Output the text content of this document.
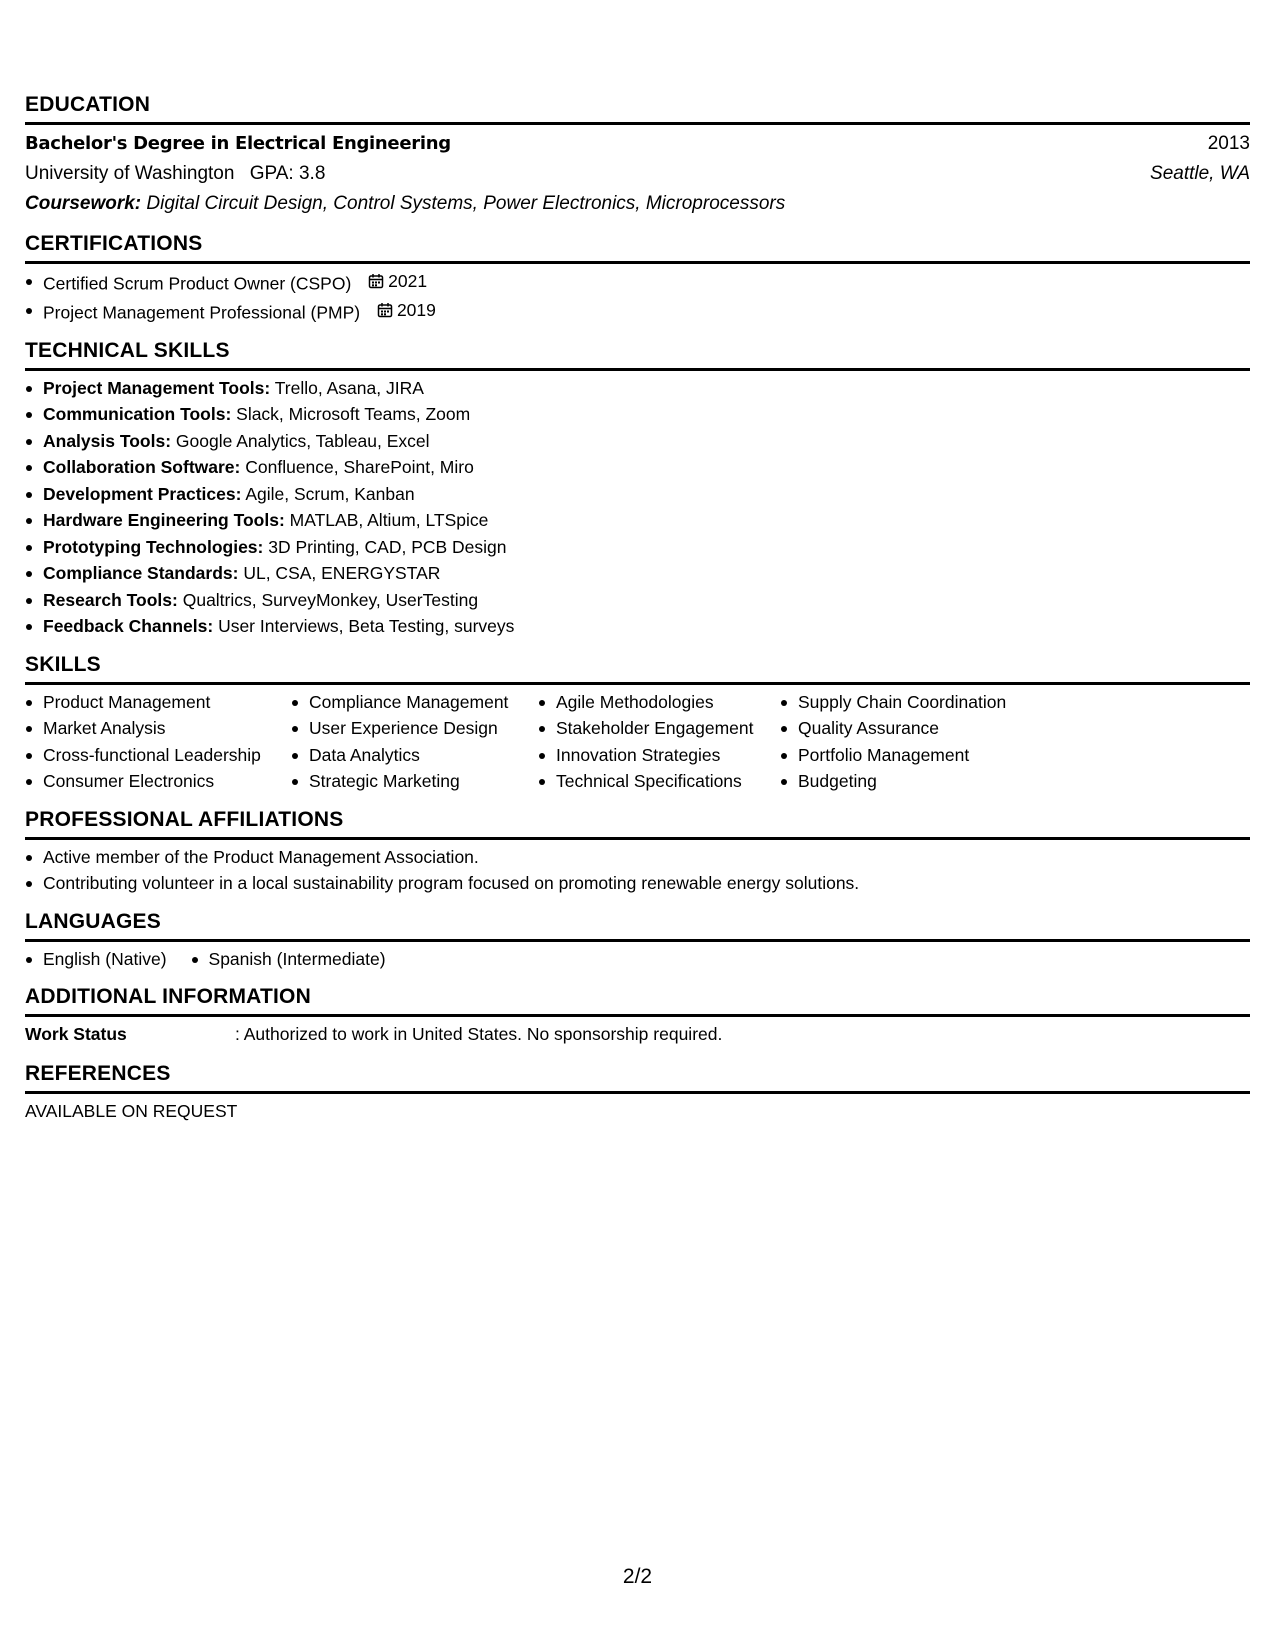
EDUCATION
Bachelor's Degree in Electrical Engineering	2013
University of Washington GPA: 3.8	Seattle, WA
Coursework: Digital Circuit Design, Control Systems, Power Electronics, Microprocessors
CERTIFICATIONS
Certified Scrum Product Owner (CSPO) 2021
Project Management Professional (PMP) 2019
TECHNICAL SKILLS
Project Management Tools: Trello, Asana, JIRA
Communication Tools: Slack, Microsoft Teams, Zoom
Analysis Tools: Google Analytics, Tableau, Excel
Collaboration Software: Confluence, SharePoint, Miro
Development Practices: Agile, Scrum, Kanban
Hardware Engineering Tools: MATLAB, Altium, LTSpice
Prototyping Technologies: 3D Printing, CAD, PCB Design
Compliance Standards: UL, CSA, ENERGYSTAR
Research Tools: Qualtrics, SurveyMonkey, UserTesting
Feedback Channels: User Interviews, Beta Testing, surveys
SKILLS
Product Management
Market Analysis
Cross-functional Leadership
Consumer Electronics
Compliance Management
User Experience Design
Data Analytics
Strategic Marketing
Agile Methodologies
Stakeholder Engagement
Innovation Strategies
Technical Specifications
Supply Chain Coordination
Quality Assurance
Portfolio Management
Budgeting
PROFESSIONAL AFFILIATIONS
Active member of the Product Management Association.
Contributing volunteer in a local sustainability program focused on promoting renewable energy solutions.
LANGUAGES
English (Native)	Spanish (Intermediate)
ADDITIONAL INFORMATION
Work Status	: Authorized to work in United States. No sponsorship required.
REFERENCES
AVAILABLE ON REQUEST
2/2
